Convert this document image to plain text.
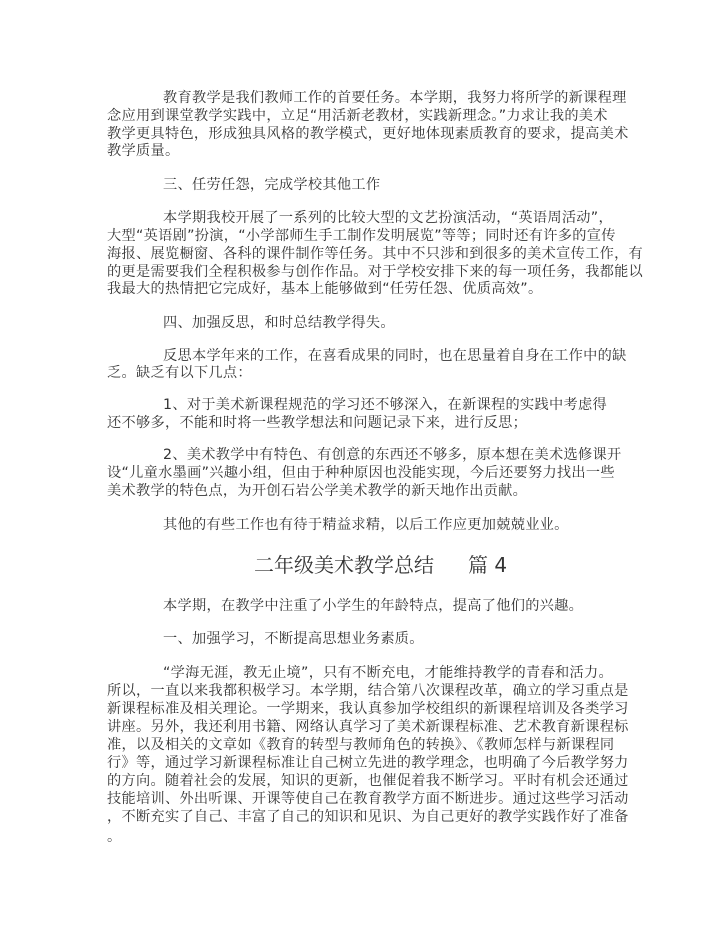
二年级美术教学总结 篇 4
教育教学是我们教师工作的首要任务。本学期，我努力将所学的新课程理
念应用到课堂教学实践中，立足“用活新老教材，实践新理念。”力求让我的美术
教学更具特色，形成独具风格的教学模式，更好地体现素质教育的要求，提高美术
教学质量。
三、任劳任怨，完成学校其他工作
本学期我校开展了一系列的比较大型的文艺扮演活动，“英语周活动”，
大型“英语剧”扮演，“小学部师生手工制作发明展览”等等；同时还有许多的宣传
海报、展览橱窗、各科的课件制作等任务。其中不只涉和到很多的美术宣传工作，有
的更是需要我们全程积极参与创作作品。对于学校安排下来的每一项任务，我都能以
我最大的热情把它完成好，基本上能够做到“任劳任怨、优质高效”。
四、加强反思，和时总结教学得失。
反思本学年来的工作，在喜看成果的同时，也在思量着自身在工作中的缺
乏。缺乏有以下几点：
1、对于美术新课程规范的学习还不够深入，在新课程的实践中考虑得
还不够多，不能和时将一些教学想法和问题记录下来，进行反思；
2、美术教学中有特色、有创意的东西还不够多，原本想在美术选修课开
设“儿童水墨画”兴趣小组，但由于种种原因也没能实现，今后还要努力找出一些
美术教学的特色点，为开创石岩公学美术教学的新天地作出贡献。
其他的有些工作也有待于精益求精，以后工作应更加兢兢业业。
本学期，在教学中注重了小学生的年龄特点，提高了他们的兴趣。
一、加强学习，不断提高思想业务素质。
“学海无涯，教无止境”，只有不断充电，才能维持教学的青春和活力。
所以，一直以来我都积极学习。本学期，结合第八次课程改革，确立的学习重点是
新课程标准及相关理论。一学期来，我认真参加学校组织的新课程培训及各类学习
讲座。另外，我还利用书籍、网络认真学习了美术新课程标准、艺术教育新课程标
准，以及相关的文章如《教育的转型与教师角色的转换》、《教师怎样与新课程同
行》等，通过学习新课程标准让自己树立先进的教学理念，也明确了今后教学努力
的方向。随着社会的发展，知识的更新，也催促着我不断学习。平时有机会还通过
技能培训、外出听课、开课等使自己在教育教学方面不断进步。通过这些学习活动
，不断充实了自己、丰富了自己的知识和见识、为自己更好的教学实践作好了准备
。
